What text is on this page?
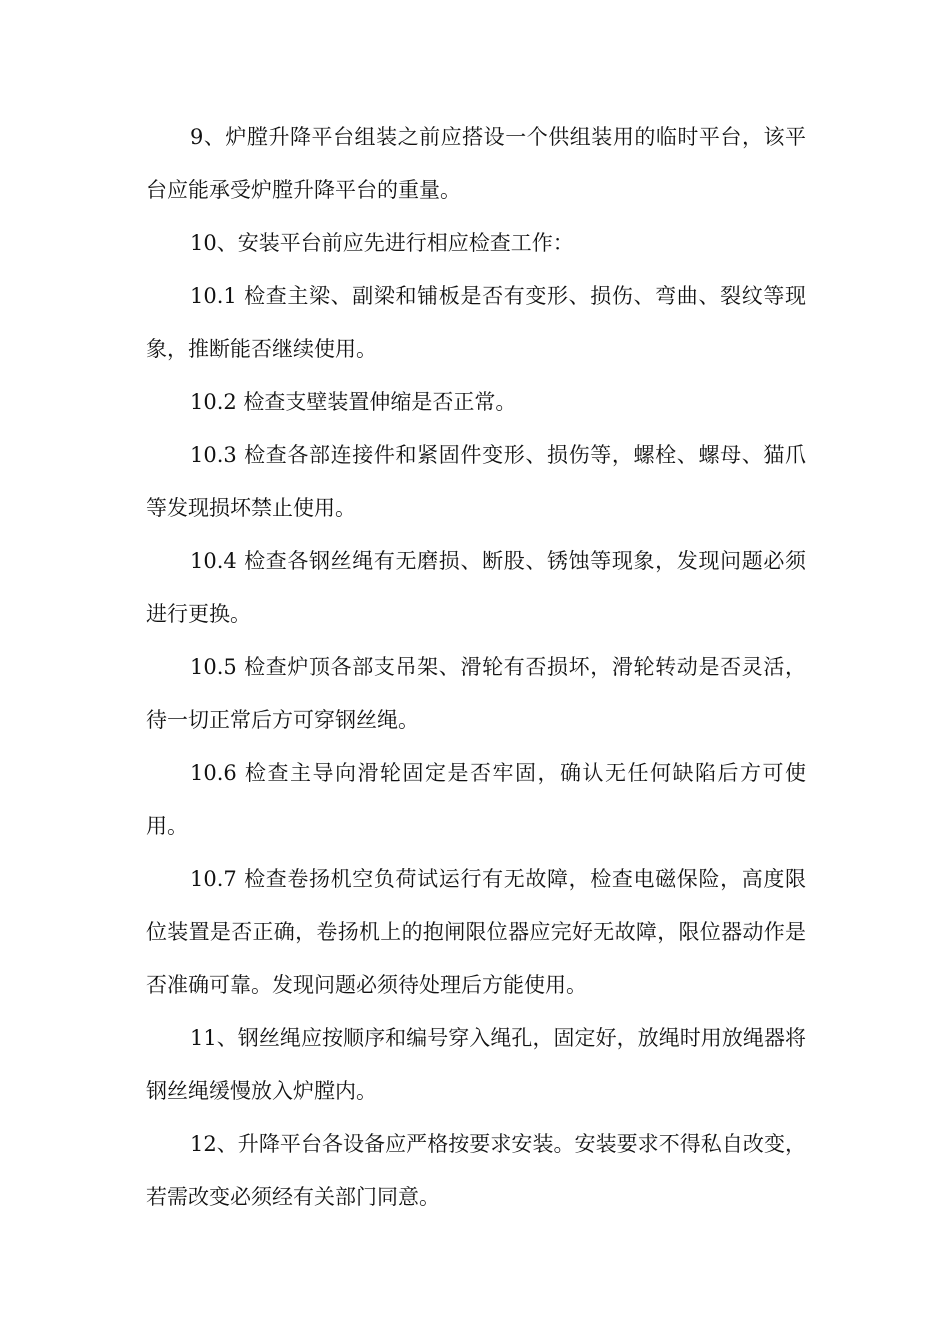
9、炉膛升降平台组装之前应搭设一个供组装用的临时平台，该平台应能承受炉膛升降平台的重量。

10、安装平台前应先进行相应检查工作：

10.1 检查主梁、副梁和铺板是否有变形、损伤、弯曲、裂纹等现象，推断能否继续使用。

10.2 检查支壁装置伸缩是否正常。

10.3 检查各部连接件和紧固件变形、损伤等，螺栓、螺母、猫爪等发现损坏禁止使用。

10.4 检查各钢丝绳有无磨损、断股、锈蚀等现象，发现问题必须进行更换。

10.5 检查炉顶各部支吊架、滑轮有否损坏，滑轮转动是否灵活，待一切正常后方可穿钢丝绳。

10.6 检查主导向滑轮固定是否牢固，确认无任何缺陷后方可使用。

10.7 检查卷扬机空负荷试运行有无故障，检查电磁保险，高度限位装置是否正确，卷扬机上的抱闸限位器应完好无故障，限位器动作是否准确可靠。发现问题必须待处理后方能使用。

11、钢丝绳应按顺序和编号穿入绳孔，固定好，放绳时用放绳器将钢丝绳缓慢放入炉膛内。

12、升降平台各设备应严格按要求安装。安装要求不得私自改变，若需改变必须经有关部门同意。
